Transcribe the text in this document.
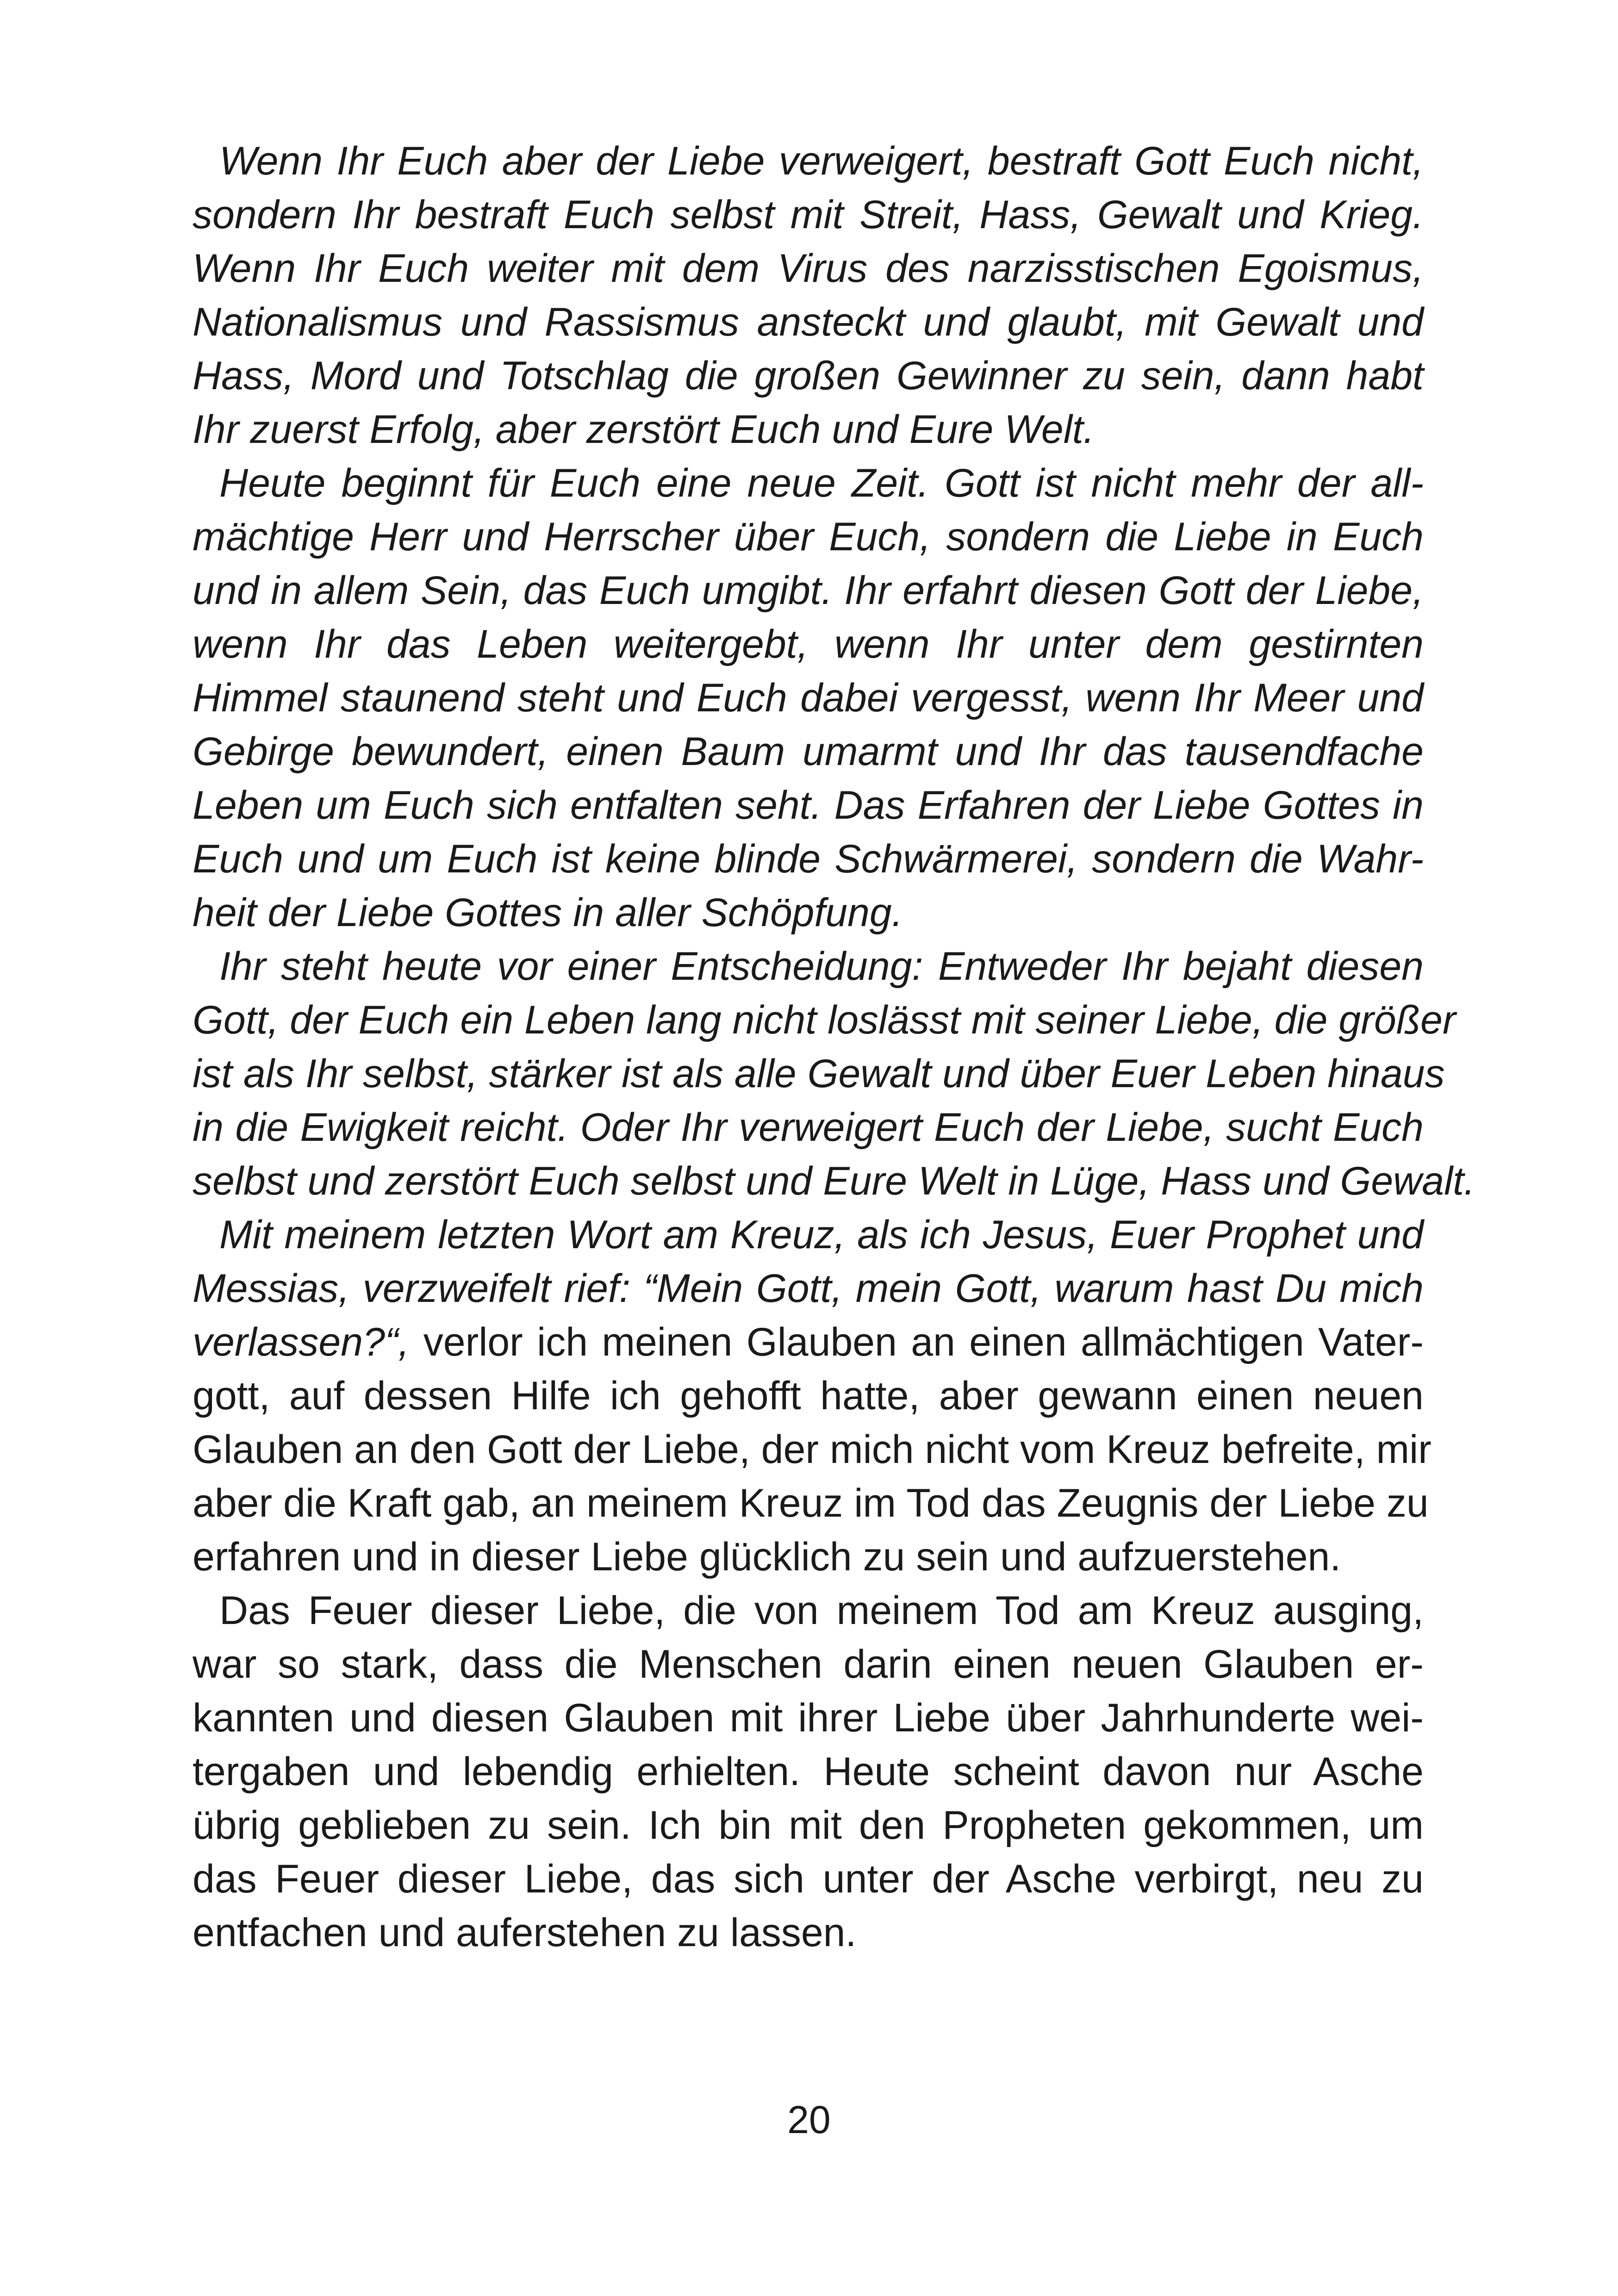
Wenn Ihr Euch aber der Liebe verweigert, bestraft Gott Euch nicht,
sondern Ihr bestraft Euch selbst mit Streit, Hass, Gewalt und Krieg.
Wenn Ihr Euch weiter mit dem Virus des narzisstischen Egoismus,
Nationalismus und Rassismus ansteckt und glaubt, mit Gewalt und
Hass, Mord und Totschlag die großen Gewinner zu sein, dann habt
Ihr zuerst Erfolg, aber zerstört Euch und Eure Welt.
Heute beginnt für Euch eine neue Zeit. Gott ist nicht mehr der all-
mächtige Herr und Herrscher über Euch, sondern die Liebe in Euch
und in allem Sein, das Euch umgibt. Ihr erfahrt diesen Gott der Liebe,
wenn Ihr das Leben weitergebt, wenn Ihr unter dem gestirnten
Himmel staunend steht und Euch dabei vergesst, wenn Ihr Meer und
Gebirge bewundert, einen Baum umarmt und Ihr das tausendfache
Leben um Euch sich entfalten seht. Das Erfahren der Liebe Gottes in
Euch und um Euch ist keine blinde Schwärmerei, sondern die Wahr-
heit der Liebe Gottes in aller Schöpfung.
Ihr steht heute vor einer Entscheidung: Entweder Ihr bejaht diesen
Gott, der Euch ein Leben lang nicht loslässt mit seiner Liebe, die größer
ist als Ihr selbst, stärker ist als alle Gewalt und über Euer Leben hinaus
in die Ewigkeit reicht. Oder Ihr verweigert Euch der Liebe, sucht Euch
selbst und zerstört Euch selbst und Eure Welt in Lüge, Hass und Gewalt.
Mit meinem letzten Wort am Kreuz, als ich Jesus, Euer Prophet und
Messias, verzweifelt rief: “Mein Gott, mein Gott, warum hast Du mich
verlassen?“, verlor ich meinen Glauben an einen allmächtigen Vater-
gott, auf dessen Hilfe ich gehofft hatte, aber gewann einen neuen
Glauben an den Gott der Liebe, der mich nicht vom Kreuz befreite, mir
aber die Kraft gab, an meinem Kreuz im Tod das Zeugnis der Liebe zu
erfahren und in dieser Liebe glücklich zu sein und aufzuerstehen.
Das Feuer dieser Liebe, die von meinem Tod am Kreuz ausging,
war so stark, dass die Menschen darin einen neuen Glauben er-
kannten und diesen Glauben mit ihrer Liebe über Jahrhunderte wei-
tergaben und lebendig erhielten. Heute scheint davon nur Asche
übrig geblieben zu sein. Ich bin mit den Propheten gekommen, um
das Feuer dieser Liebe, das sich unter der Asche verbirgt, neu zu
entfachen und auferstehen zu lassen.
20
